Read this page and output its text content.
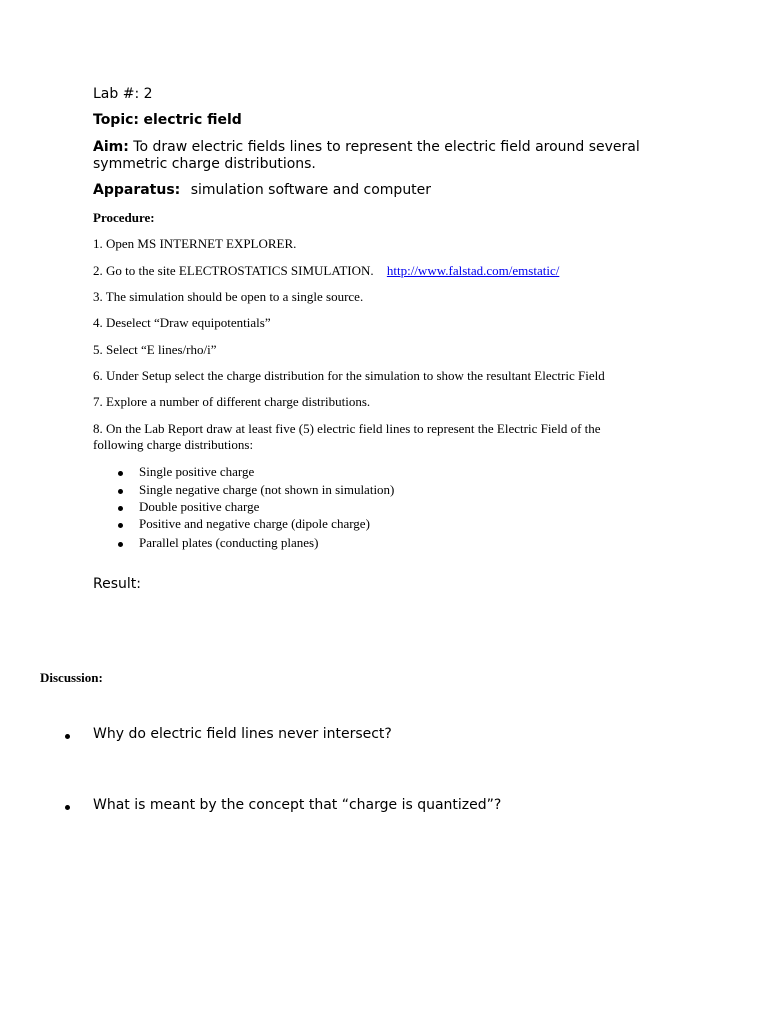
Lab #: 2
Topic: electric field
Aim: To draw electric fields lines to represent the electric field around several
symmetric charge distributions.
Apparatus: simulation software and computer
Procedure:
1. Open MS INTERNET EXPLORER.
2. Go to the site ELECTROSTATICS SIMULATION. http://www.falstad.com/emstatic/
3. The simulation should be open to a single source.
4. Deselect “Draw equipotentials”
5. Select “E lines/rho/i”
6. Under Setup select the charge distribution for the simulation to show the resultant Electric Field
7. Explore a number of different charge distributions.
8. On the Lab Report draw at least five (5) electric field lines to represent the Electric Field of the
following charge distributions:
Single positive charge
Single negative charge (not shown in simulation)
Double positive charge
Positive and negative charge (dipole charge)
Parallel plates (conducting planes)
Result:
Discussion:
Why do electric field lines never intersect?
What is meant by the concept that “charge is quantized”?
